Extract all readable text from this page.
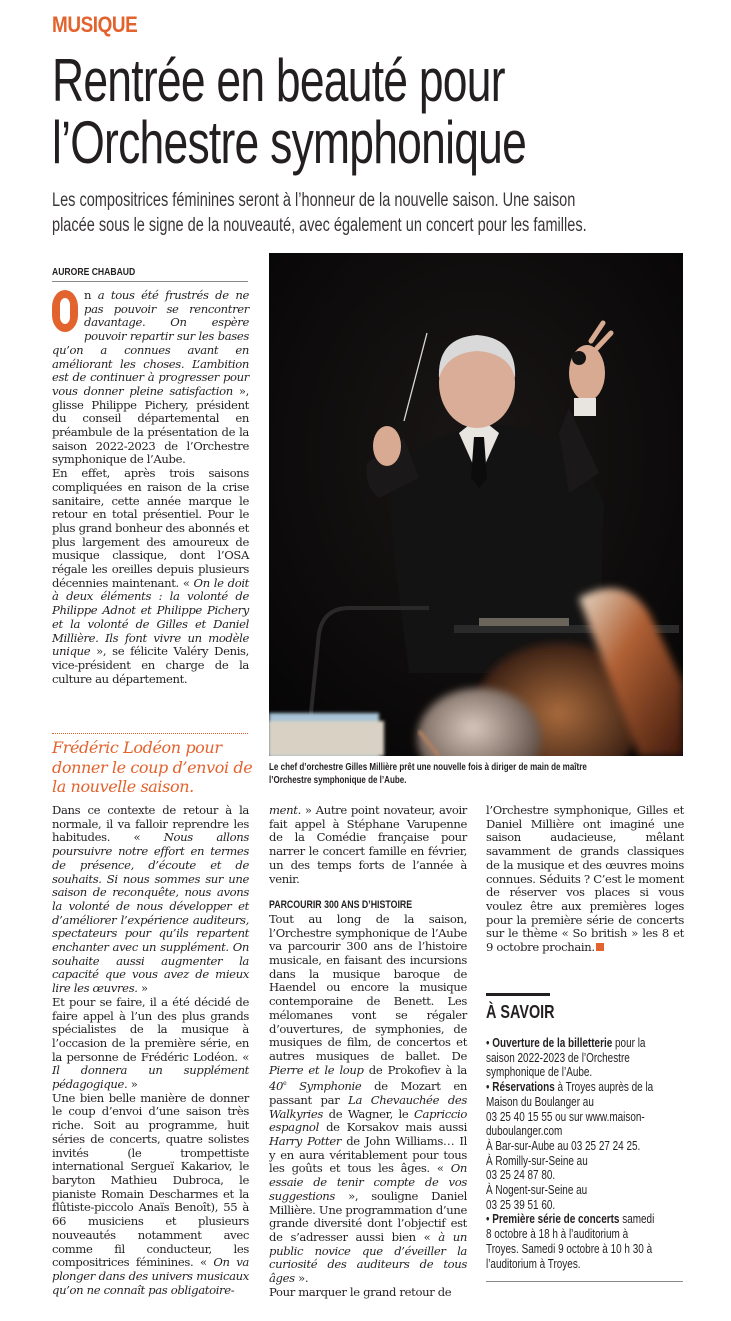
MUSIQUE
Rentrée en beauté pour
l’Orchestre symphonique
Les compositrices féminines seront à l’honneur de la nouvelle saison. Une saison
placée sous le signe de la nouveauté, avec également un concert pour les familles.
AURORE CHABAUD

n a tous été frustrés de ne pas pouvoir se rencontrer davantage. On espère pouvoir repartir sur les bases qu’on a connues avant en améliorant les choses. L’ambition est de continuer à progresser pour vous donner pleine satisfaction », glisse Philippe Pichery, président du conseil départemental en préambule de la présentation de la saison 2022-2023 de l’Orchestre symphonique de l’Aube.

En effet, après trois saisons compliquées en raison de la crise sanitaire, cette année marque le retour en total présentiel. Pour le plus grand bonheur des abonnés et plus largement des amoureux de musique classique, dont l’OSA régale les oreilles depuis plusieurs décennies maintenant. « On le doit à deux éléments : la volonté de Philippe Adnot et Philippe Pichery et la volonté de Gilles et Daniel Millière. Ils font vivre un modèle unique », se félicite Valéry Denis, vice-président en charge de la culture au département.

Frédéric Lodéon pour donner le coup d’envoi de la nouvelle saison.

Dans ce contexte de retour à la normale, il va falloir reprendre les habitudes. « Nous allons poursuivre notre effort en termes de présence, d’écoute et de souhaits. Si nous sommes sur une saison de reconquête, nous avons la volonté de nous développer et d’améliorer l’expérience auditeurs, spectateurs pour qu’ils repartent enchanter avec un supplément. On souhaite aussi augmenter la capacité que vous avez de mieux lire les œuvres. »

Et pour se faire, il a été décidé de faire appel à l’un des plus grands spécialistes de la musique à l’occasion de la première série, en la personne de Frédéric Lodéon. « Il donnera un supplément pédagogique. »

Une bien belle manière de donner le coup d’envoi d’une saison très riche. Soit au programme, huit séries de concerts, quatre solistes invités (le trompettiste international Sergueï Kakariov, le baryton Mathieu Dubroca, le pianiste Romain Descharmes et la flûtiste-piccolo Anaïs Benoît), 55 à 66 musiciens et plusieurs nouveautés notamment avec comme fil conducteur, les compositrices féminines. « On va plonger dans des univers musicaux qu’on ne connaît pas obligatoire-

Le chef d’orchestre Gilles Millière prêt une nouvelle fois à diriger de main de maître
l’Orchestre symphonique de l’Aube.

ment. » Autre point novateur, avoir fait appel à Stéphane Varupenne de la Comédie française pour narrer le concert famille en février, un des temps forts de l’année à venir.

PARCOURIR 300 ANS D’HISTOIRE

Tout au long de la saison, l’Orchestre symphonique de l’Aube va parcourir 300 ans de l’histoire musicale, en faisant des incursions dans la musique baroque de Haendel ou encore la musique contemporaine de Benett. Les mélomanes vont se régaler d’ouvertures, de symphonies, de musiques de film, de concertos et autres musiques de ballet. De Pierre et le loup de Prokofiev à la 40e Symphonie de Mozart en passant par La Chevauchée des Walkyries de Wagner, le Capriccio espagnol de Korsakov mais aussi Harry Potter de John Williams… Il y en aura véritablement pour tous les goûts et tous les âges. « On essaie de tenir compte de vos suggestions », souligne Daniel Millière. Une programmation d’une grande diversité dont l’objectif est de s’adresser aussi bien « à un public novice que d’éveiller la curiosité des auditeurs de tous âges ».

Pour marquer le grand retour de

l’Orchestre symphonique, Gilles et Daniel Millière ont imaginé une saison audacieuse, mêlant savamment de grands classiques de la musique et des œuvres moins connues. Séduits ? C’est le moment de réserver vos places si vous voulez être aux premières loges pour la première série de concerts sur le thème « So british » les 8 et 9 octobre prochain.

À SAVOIR
• Ouverture de la billetterie pour la
saison 2022-2023 de l’Orchestre
symphonique de l’Aube.
• Réservations à Troyes auprès de la
Maison du Boulanger au
03 25 40 15 55 ou sur www.maison-
duboulanger.com
À Bar-sur-Aube au 03 25 27 24 25.
À Romilly-sur-Seine au
03 25 24 87 80.
À Nogent-sur-Seine au
03 25 39 51 60.
• Première série de concerts samedi
8 octobre à 18 h à l’auditorium à
Troyes. Samedi 9 octobre à 10 h 30 à
l’auditorium à Troyes.
